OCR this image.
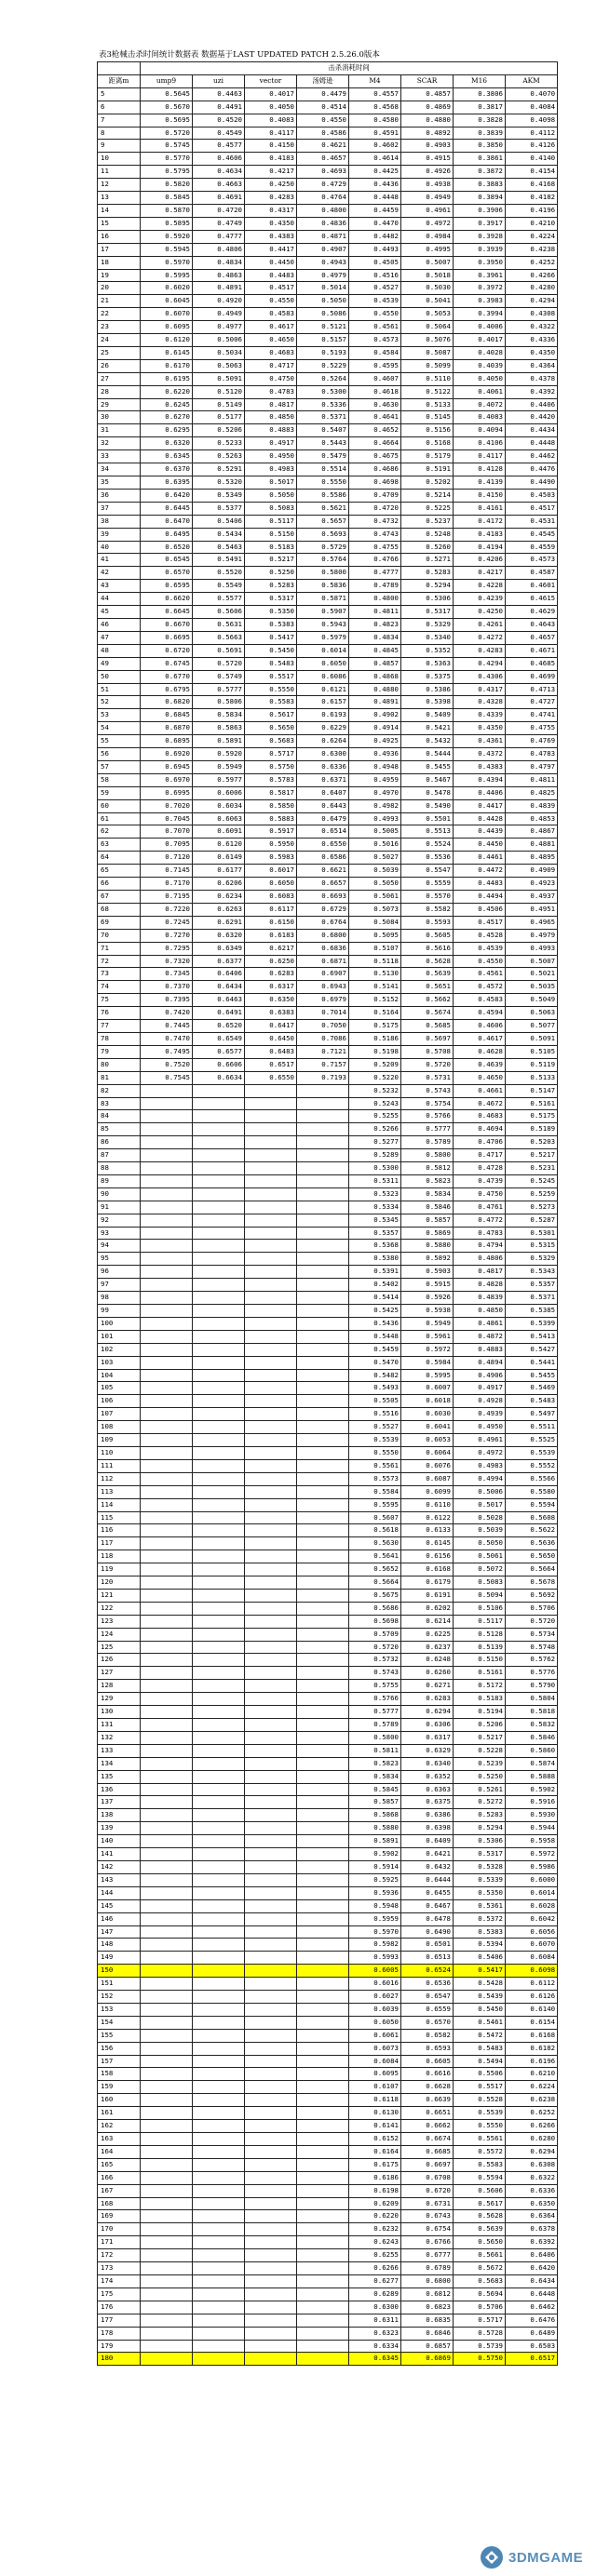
表3枪械击杀时间统计数据表 数据基于LAST UPDATED PATCH 2.5.26.0版本
	击杀消耗时间							
距离m	ump9	uzi	vector	汤姆逊	M4	SCAR	M16	AKM
5	0.5645	0.4463	0.4017	0.4479	0.4557	0.4857	0.3806	0.4070
6	0.5670	0.4491	0.4050	0.4514	0.4568	0.4869	0.3817	0.4084
7	0.5695	0.4520	0.4083	0.4550	0.4580	0.4880	0.3828	0.4098
8	0.5720	0.4549	0.4117	0.4586	0.4591	0.4892	0.3839	0.4112
9	0.5745	0.4577	0.4150	0.4621	0.4602	0.4903	0.3850	0.4126
10	0.5770	0.4606	0.4183	0.4657	0.4614	0.4915	0.3861	0.4140
11	0.5795	0.4634	0.4217	0.4693	0.4425	0.4926	0.3872	0.4154
12	0.5820	0.4663	0.4250	0.4729	0.4436	0.4938	0.3883	0.4168
13	0.5845	0.4691	0.4283	0.4764	0.4448	0.4949	0.3894	0.4182
14	0.5870	0.4720	0.4317	0.4800	0.4459	0.4961	0.3906	0.4196
15	0.5895	0.4749	0.4350	0.4836	0.4470	0.4972	0.3917	0.4210
16	0.5920	0.4777	0.4383	0.4871	0.4482	0.4984	0.3928	0.4224
17	0.5945	0.4806	0.4417	0.4907	0.4493	0.4995	0.3939	0.4238
18	0.5970	0.4834	0.4450	0.4943	0.4505	0.5007	0.3950	0.4252
19	0.5995	0.4863	0.4483	0.4979	0.4516	0.5018	0.3961	0.4266
20	0.6020	0.4891	0.4517	0.5014	0.4527	0.5030	0.3972	0.4280
21	0.6045	0.4920	0.4550	0.5050	0.4539	0.5041	0.3983	0.4294
22	0.6070	0.4949	0.4583	0.5086	0.4550	0.5053	0.3994	0.4308
23	0.6095	0.4977	0.4617	0.5121	0.4561	0.5064	0.4006	0.4322
24	0.6120	0.5006	0.4650	0.5157	0.4573	0.5076	0.4017	0.4336
25	0.6145	0.5034	0.4683	0.5193	0.4584	0.5087	0.4028	0.4350
26	0.6170	0.5063	0.4717	0.5229	0.4595	0.5099	0.4039	0.4364
27	0.6195	0.5091	0.4750	0.5264	0.4607	0.5110	0.4050	0.4378
28	0.6220	0.5120	0.4783	0.5300	0.4618	0.5122	0.4061	0.4392
29	0.6245	0.5149	0.4817	0.5336	0.4630	0.5133	0.4072	0.4406
30	0.6270	0.5177	0.4850	0.5371	0.4641	0.5145	0.4083	0.4420
31	0.6295	0.5206	0.4883	0.5407	0.4652	0.5156	0.4094	0.4434
32	0.6320	0.5233	0.4917	0.5443	0.4664	0.5168	0.4106	0.4448
33	0.6345	0.5263	0.4950	0.5479	0.4675	0.5179	0.4117	0.4462
34	0.6370	0.5291	0.4983	0.5514	0.4686	0.5191	0.4128	0.4476
35	0.6395	0.5320	0.5017	0.5550	0.4698	0.5202	0.4139	0.4490
36	0.6420	0.5349	0.5050	0.5586	0.4709	0.5214	0.4150	0.4503
37	0.6445	0.5377	0.5083	0.5621	0.4720	0.5225	0.4161	0.4517
38	0.6470	0.5406	0.5117	0.5657	0.4732	0.5237	0.4172	0.4531
39	0.6495	0.5434	0.5150	0.5693	0.4743	0.5248	0.4183	0.4545
40	0.6520	0.5463	0.5183	0.5729	0.4755	0.5260	0.4194	0.4559
41	0.6545	0.5491	0.5217	0.5764	0.4766	0.5271	0.4206	0.4573
42	0.6570	0.5520	0.5250	0.5800	0.4777	0.5283	0.4217	0.4587
43	0.6595	0.5549	0.5283	0.5836	0.4789	0.5294	0.4228	0.4601
44	0.6620	0.5577	0.5317	0.5871	0.4800	0.5306	0.4239	0.4615
45	0.6645	0.5606	0.5350	0.5907	0.4811	0.5317	0.4250	0.4629
46	0.6670	0.5631	0.5383	0.5943	0.4823	0.5329	0.4261	0.4643
47	0.6695	0.5663	0.5417	0.5979	0.4834	0.5340	0.4272	0.4657
48	0.6720	0.5691	0.5450	0.6014	0.4845	0.5352	0.4283	0.4671
49	0.6745	0.5720	0.5483	0.6050	0.4857	0.5363	0.4294	0.4685
50	0.6770	0.5749	0.5517	0.6086	0.4868	0.5375	0.4306	0.4699
51	0.6795	0.5777	0.5550	0.6121	0.4880	0.5386	0.4317	0.4713
52	0.6820	0.5806	0.5583	0.6157	0.4891	0.5398	0.4328	0.4727
53	0.6845	0.5834	0.5617	0.6193	0.4902	0.5409	0.4339	0.4741
54	0.6870	0.5863	0.5650	0.6229	0.4914	0.5421	0.4350	0.4755
55	0.6895	0.5891	0.5683	0.6264	0.4925	0.5432	0.4361	0.4769
56	0.6920	0.5920	0.5717	0.6300	0.4936	0.5444	0.4372	0.4783
57	0.6945	0.5949	0.5750	0.6336	0.4948	0.5455	0.4383	0.4797
58	0.6970	0.5977	0.5783	0.6371	0.4959	0.5467	0.4394	0.4811
59	0.6995	0.6006	0.5817	0.6407	0.4970	0.5478	0.4406	0.4825
60	0.7020	0.6034	0.5850	0.6443	0.4982	0.5490	0.4417	0.4839
61	0.7045	0.6063	0.5883	0.6479	0.4993	0.5501	0.4428	0.4853
62	0.7070	0.6091	0.5917	0.6514	0.5005	0.5513	0.4439	0.4867
63	0.7095	0.6120	0.5950	0.6550	0.5016	0.5524	0.4450	0.4881
64	0.7120	0.6149	0.5983	0.6586	0.5027	0.5536	0.4461	0.4895
65	0.7145	0.6177	0.6017	0.6621	0.5039	0.5547	0.4472	0.4909
66	0.7170	0.6206	0.6050	0.6657	0.5050	0.5559	0.4483	0.4923
67	0.7195	0.6234	0.6083	0.6693	0.5061	0.5570	0.4494	0.4937
68	0.7220	0.6263	0.6117	0.6729	0.5073	0.5582	0.4506	0.4951
69	0.7245	0.6291	0.6150	0.6764	0.5084	0.5593	0.4517	0.4965
70	0.7270	0.6320	0.6183	0.6800	0.5095	0.5605	0.4528	0.4979
71	0.7295	0.6349	0.6217	0.6836	0.5107	0.5616	0.4539	0.4993
72	0.7320	0.6377	0.6250	0.6871	0.5118	0.5628	0.4550	0.5007
73	0.7345	0.6406	0.6283	0.6907	0.5130	0.5639	0.4561	0.5021
74	0.7370	0.6434	0.6317	0.6943	0.5141	0.5651	0.4572	0.5035
75	0.7395	0.6463	0.6350	0.6979	0.5152	0.5662	0.4583	0.5049
76	0.7420	0.6491	0.6383	0.7014	0.5164	0.5674	0.4594	0.5063
77	0.7445	0.6520	0.6417	0.7050	0.5175	0.5685	0.4606	0.5077
78	0.7470	0.6549	0.6450	0.7086	0.5186	0.5697	0.4617	0.5091
79	0.7495	0.6577	0.6483	0.7121	0.5198	0.5708	0.4628	0.5105
80	0.7520	0.6606	0.6517	0.7157	0.5209	0.5720	0.4639	0.5119
81	0.7545	0.6634	0.6550	0.7193	0.5220	0.5731	0.4650	0.5133
82					0.5232	0.5743	0.4661	0.5147
83					0.5243	0.5754	0.4672	0.5161
84					0.5255	0.5766	0.4683	0.5175
85					0.5266	0.5777	0.4694	0.5189
86					0.5277	0.5789	0.4706	0.5203
87					0.5289	0.5800	0.4717	0.5217
88					0.5300	0.5812	0.4728	0.5231
89					0.5311	0.5823	0.4739	0.5245
90					0.5323	0.5834	0.4750	0.5259
91					0.5334	0.5846	0.4761	0.5273
92					0.5345	0.5857	0.4772	0.5287
93					0.5357	0.5869	0.4783	0.5301
94					0.5368	0.5880	0.4794	0.5315
95					0.5380	0.5892	0.4806	0.5329
96					0.5391	0.5903	0.4817	0.5343
97					0.5402	0.5915	0.4828	0.5357
98					0.5414	0.5926	0.4839	0.5371
99					0.5425	0.5938	0.4850	0.5385
100					0.5436	0.5949	0.4861	0.5399
101					0.5448	0.5961	0.4872	0.5413
102					0.5459	0.5972	0.4883	0.5427
103					0.5470	0.5984	0.4894	0.5441
104					0.5482	0.5995	0.4906	0.5455
105					0.5493	0.6007	0.4917	0.5469
106					0.5505	0.6018	0.4928	0.5483
107					0.5516	0.6030	0.4939	0.5497
108					0.5527	0.6041	0.4950	0.5511
109					0.5539	0.6053	0.4961	0.5525
110					0.5550	0.6064	0.4972	0.5539
111					0.5561	0.6076	0.4983	0.5552
112					0.5573	0.6087	0.4994	0.5566
113					0.5584	0.6099	0.5006	0.5580
114					0.5595	0.6110	0.5017	0.5594
115					0.5607	0.6122	0.5028	0.5608
116					0.5618	0.6133	0.5039	0.5622
117					0.5630	0.6145	0.5050	0.5636
118					0.5641	0.6156	0.5061	0.5650
119					0.5652	0.6168	0.5072	0.5664
120					0.5664	0.6179	0.5083	0.5678
121					0.5675	0.6191	0.5094	0.5692
122					0.5686	0.6202	0.5106	0.5706
123					0.5698	0.6214	0.5117	0.5720
124					0.5709	0.6225	0.5128	0.5734
125					0.5720	0.6237	0.5139	0.5748
126					0.5732	0.6248	0.5150	0.5762
127					0.5743	0.6260	0.5161	0.5776
128					0.5755	0.6271	0.5172	0.5790
129					0.5766	0.6283	0.5183	0.5804
130					0.5777	0.6294	0.5194	0.5818
131					0.5789	0.6306	0.5206	0.5832
132					0.5800	0.6317	0.5217	0.5846
133					0.5811	0.6329	0.5228	0.5860
134					0.5823	0.6340	0.5239	0.5874
135					0.5834	0.6352	0.5250	0.5888
136					0.5845	0.6363	0.5261	0.5902
137					0.5857	0.6375	0.5272	0.5916
138					0.5868	0.6386	0.5283	0.5930
139					0.5880	0.6398	0.5294	0.5944
140					0.5891	0.6409	0.5306	0.5958
141					0.5902	0.6421	0.5317	0.5972
142					0.5914	0.6432	0.5328	0.5986
143					0.5925	0.6444	0.5339	0.6000
144					0.5936	0.6455	0.5350	0.6014
145					0.5948	0.6467	0.5361	0.6028
146					0.5959	0.6478	0.5372	0.6042
147					0.5970	0.6490	0.5383	0.6056
148					0.5982	0.6501	0.5394	0.6070
149					0.5993	0.6513	0.5406	0.6084
150					0.6005	0.6524	0.5417	0.6098
151					0.6016	0.6536	0.5428	0.6112
152					0.6027	0.6547	0.5439	0.6126
153					0.6039	0.6559	0.5450	0.6140
154					0.6050	0.6570	0.5461	0.6154
155					0.6061	0.6582	0.5472	0.6168
156					0.6073	0.6593	0.5483	0.6182
157					0.6084	0.6605	0.5494	0.6196
158					0.6095	0.6616	0.5506	0.6210
159					0.6107	0.6628	0.5517	0.6224
160					0.6118	0.6639	0.5528	0.6238
161					0.6130	0.6651	0.5539	0.6252
162					0.6141	0.6662	0.5550	0.6266
163					0.6152	0.6674	0.5561	0.6280
164					0.6164	0.6685	0.5572	0.6294
165					0.6175	0.6697	0.5583	0.6308
166					0.6186	0.6708	0.5594	0.6322
167					0.6198	0.6720	0.5606	0.6336
168					0.6209	0.6731	0.5617	0.6350
169					0.6220	0.6743	0.5628	0.6364
170					0.6232	0.6754	0.5639	0.6378
171					0.6243	0.6766	0.5650	0.6392
172					0.6255	0.6777	0.5661	0.6406
173					0.6266	0.6789	0.5672	0.6420
174					0.6277	0.6800	0.5683	0.6434
175					0.6289	0.6812	0.5694	0.6448
176					0.6300	0.6823	0.5706	0.6462
177					0.6311	0.6835	0.5717	0.6476
178					0.6323	0.6846	0.5728	0.6489
179					0.6334	0.6857	0.5739	0.6503
180					0.6345	0.6869	0.5750	0.6517
3DMGAME
